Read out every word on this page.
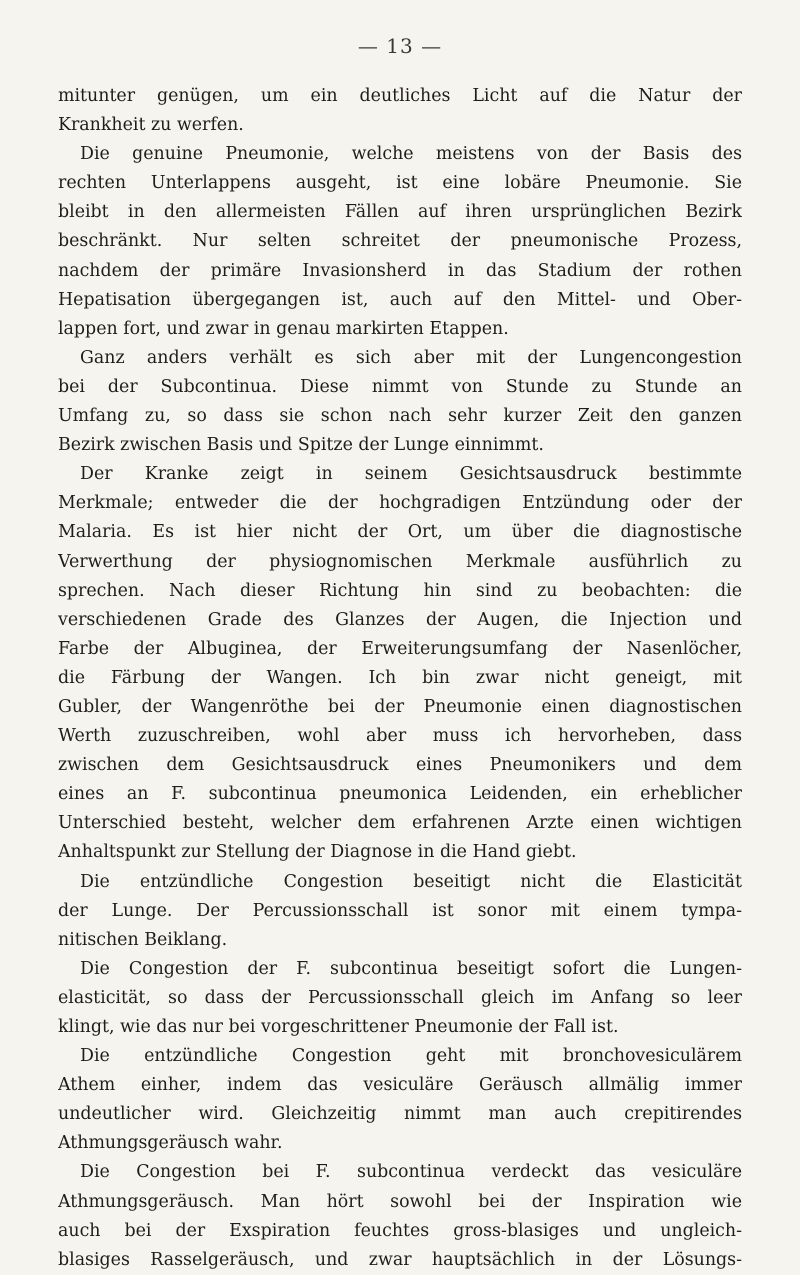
— 13 —
mitunter genügen, um ein deutliches Licht auf die Natur der
Krankheit zu werfen.
Die genuine Pneumonie, welche meistens von der Basis des
rechten Unterlappens ausgeht, ist eine lobäre Pneumonie. Sie
bleibt in den allermeisten Fällen auf ihren ursprünglichen Bezirk
beschränkt. Nur selten schreitet der pneumonische Prozess,
nachdem der primäre Invasionsherd in das Stadium der rothen
Hepatisation übergegangen ist, auch auf den Mittel- und Ober-
lappen fort, und zwar in genau markirten Etappen.
Ganz anders verhält es sich aber mit der Lungencongestion
bei der Subcontinua. Diese nimmt von Stunde zu Stunde an
Umfang zu, so dass sie schon nach sehr kurzer Zeit den ganzen
Bezirk zwischen Basis und Spitze der Lunge einnimmt.
Der Kranke zeigt in seinem Gesichtsausdruck bestimmte
Merkmale; entweder die der hochgradigen Entzündung oder der
Malaria. Es ist hier nicht der Ort, um über die diagnostische
Verwerthung der physiognomischen Merkmale ausführlich zu
sprechen. Nach dieser Richtung hin sind zu beobachten: die
verschiedenen Grade des Glanzes der Augen, die Injection und
Farbe der Albuginea, der Erweiterungsumfang der Nasenlöcher,
die Färbung der Wangen. Ich bin zwar nicht geneigt, mit
Gubler, der Wangenröthe bei der Pneumonie einen diagnostischen
Werth zuzuschreiben, wohl aber muss ich hervorheben, dass
zwischen dem Gesichtsausdruck eines Pneumonikers und dem
eines an F. subcontinua pneumonica Leidenden, ein erheblicher
Unterschied besteht, welcher dem erfahrenen Arzte einen wichtigen
Anhaltspunkt zur Stellung der Diagnose in die Hand giebt.
Die entzündliche Congestion beseitigt nicht die Elasticität
der Lunge. Der Percussionsschall ist sonor mit einem tympa-
nitischen Beiklang.
Die Congestion der F. subcontinua beseitigt sofort die Lungen-
elasticität, so dass der Percussionsschall gleich im Anfang so leer
klingt, wie das nur bei vorgeschrittener Pneumonie der Fall ist.
Die entzündliche Congestion geht mit bronchovesiculärem
Athem einher, indem das vesiculäre Geräusch allmälig immer
undeutlicher wird. Gleichzeitig nimmt man auch crepitirendes
Athmungsgeräusch wahr.
Die Congestion bei F. subcontinua verdeckt das vesiculäre
Athmungsgeräusch. Man hört sowohl bei der Inspiration wie
auch bei der Exspiration feuchtes gross-blasiges und ungleich-
blasiges Rasselgeräusch, und zwar hauptsächlich in der Lösungs-
